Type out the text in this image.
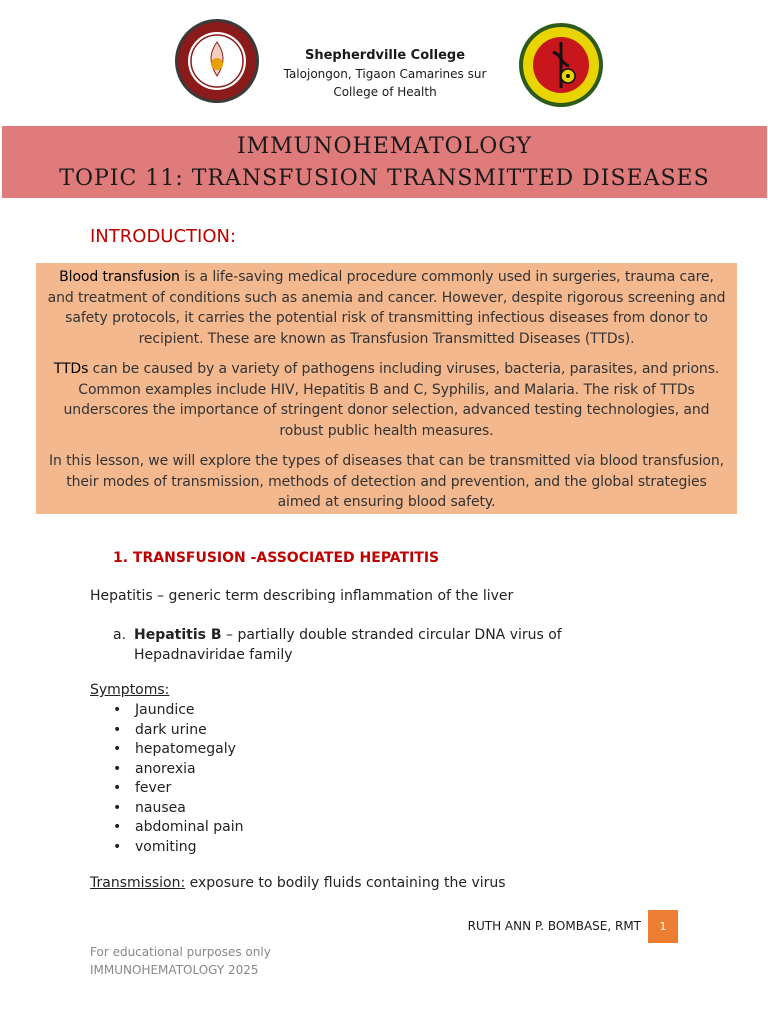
Shepherdville College
Talojongon, Tigaon Camarines sur
College of Health
IMMUNOHEMATOLOGY
TOPIC 11: TRANSFUSION TRANSMITTED DISEASES
INTRODUCTION:

Blood transfusion is a life-saving medical procedure commonly used in surgeries, trauma care, and treatment of conditions such as anemia and cancer. However, despite rigorous screening and safety protocols, it carries the potential risk of transmitting infectious diseases from donor to recipient. These are known as Transfusion Transmitted Diseases (TTDs).

TTDs can be caused by a variety of pathogens including viruses, bacteria, parasites, and prions. Common examples include HIV, Hepatitis B and C, Syphilis, and Malaria. The risk of TTDs underscores the importance of stringent donor selection, advanced testing technologies, and robust public health measures.

In this lesson, we will explore the types of diseases that can be transmitted via blood transfusion, their modes of transmission, methods of detection and prevention, and the global strategies aimed at ensuring blood safety.

1. TRANSFUSION -ASSOCIATED HEPATITIS
Hepatitis – generic term describing inflammation of the liver
a. Hepatitis B – partially double stranded circular DNA virus of Hepadnaviridae family
Symptoms:
• Jaundice
• dark urine
• hepatomegaly
• anorexia
• fever
• nausea
• abdominal pain
• vomiting
Transmission: exposure to bodily fluids containing the virus
RUTH ANN P. BOMBASE, RMT	1
For educational purposes only
IMMUNOHEMATOLOGY 2025
